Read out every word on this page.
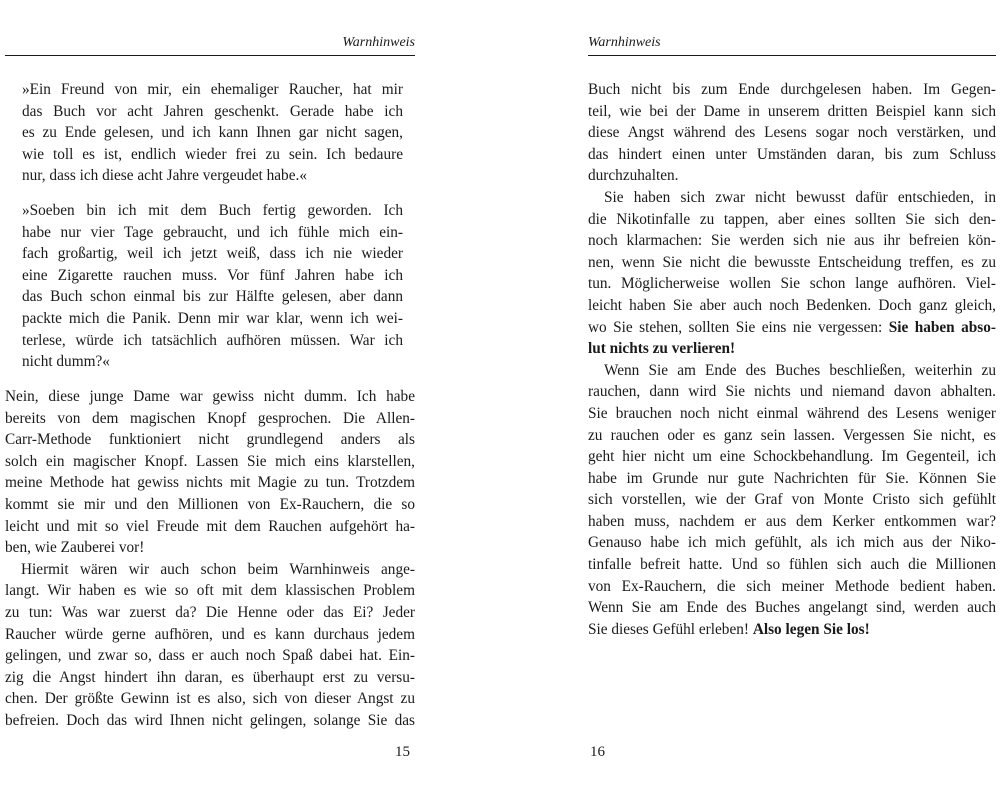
Warnhinweis
»Ein Freund von mir, ein ehemaliger Raucher, hat mir
das Buch vor acht Jahren geschenkt. Gerade habe ich
es zu Ende gelesen, und ich kann Ihnen gar nicht sagen,
wie toll es ist, endlich wieder frei zu sein. Ich bedaure
nur, dass ich diese acht Jahre vergeudet habe.«
»Soeben bin ich mit dem Buch fertig geworden. Ich
habe nur vier Tage gebraucht, und ich fühle mich ein-
fach großartig, weil ich jetzt weiß, dass ich nie wieder
eine Zigarette rauchen muss. Vor fünf Jahren habe ich
das Buch schon einmal bis zur Hälfte gelesen, aber dann
packte mich die Panik. Denn mir war klar, wenn ich wei-
terlese, würde ich tatsächlich aufhören müssen. War ich
nicht dumm?«
Nein, diese junge Dame war gewiss nicht dumm. Ich habe
bereits von dem magischen Knopf gesprochen. Die Allen-
Carr-Methode funktioniert nicht grundlegend anders als
solch ein magischer Knopf. Lassen Sie mich eins klarstellen,
meine Methode hat gewiss nichts mit Magie zu tun. Trotzdem
kommt sie mir und den Millionen von Ex-Rauchern, die so
leicht und mit so viel Freude mit dem Rauchen aufgehört ha-
ben, wie Zauberei vor!
Hiermit wären wir auch schon beim Warnhinweis ange-
langt. Wir haben es wie so oft mit dem klassischen Problem
zu tun: Was war zuerst da? Die Henne oder das Ei? Jeder
Raucher würde gerne aufhören, und es kann durchaus jedem
gelingen, und zwar so, dass er auch noch Spaß dabei hat. Ein-
zig die Angst hindert ihn daran, es überhaupt erst zu versu-
chen. Der größte Gewinn ist es also, sich von dieser Angst zu
befreien. Doch das wird Ihnen nicht gelingen, solange Sie das
15
Warnhinweis
Buch nicht bis zum Ende durchgelesen haben. Im Gegen-
teil, wie bei der Dame in unserem dritten Beispiel kann sich
diese Angst während des Lesens sogar noch verstärken, und
das hindert einen unter Umständen daran, bis zum Schluss
durchzuhalten.
Sie haben sich zwar nicht bewusst dafür entschieden, in
die Nikotinfalle zu tappen, aber eines sollten Sie sich den-
noch klarmachen: Sie werden sich nie aus ihr befreien kön-
nen, wenn Sie nicht die bewusste Entscheidung treffen, es zu
tun. Möglicherweise wollen Sie schon lange aufhören. Viel-
leicht haben Sie aber auch noch Bedenken. Doch ganz gleich,
wo Sie stehen, sollten Sie eins nie vergessen: Sie haben abso-
lut nichts zu verlieren!
Wenn Sie am Ende des Buches beschließen, weiterhin zu
rauchen, dann wird Sie nichts und niemand davon abhalten.
Sie brauchen noch nicht einmal während des Lesens weniger
zu rauchen oder es ganz sein lassen. Vergessen Sie nicht, es
geht hier nicht um eine Schockbehandlung. Im Gegenteil, ich
habe im Grunde nur gute Nachrichten für Sie. Können Sie
sich vorstellen, wie der Graf von Monte Cristo sich gefühlt
haben muss, nachdem er aus dem Kerker entkommen war?
Genauso habe ich mich gefühlt, als ich mich aus der Niko-
tinfalle befreit hatte. Und so fühlen sich auch die Millionen
von Ex-Rauchern, die sich meiner Methode bedient haben.
Wenn Sie am Ende des Buches angelangt sind, werden auch
Sie dieses Gefühl erleben! Also legen Sie los!
16
